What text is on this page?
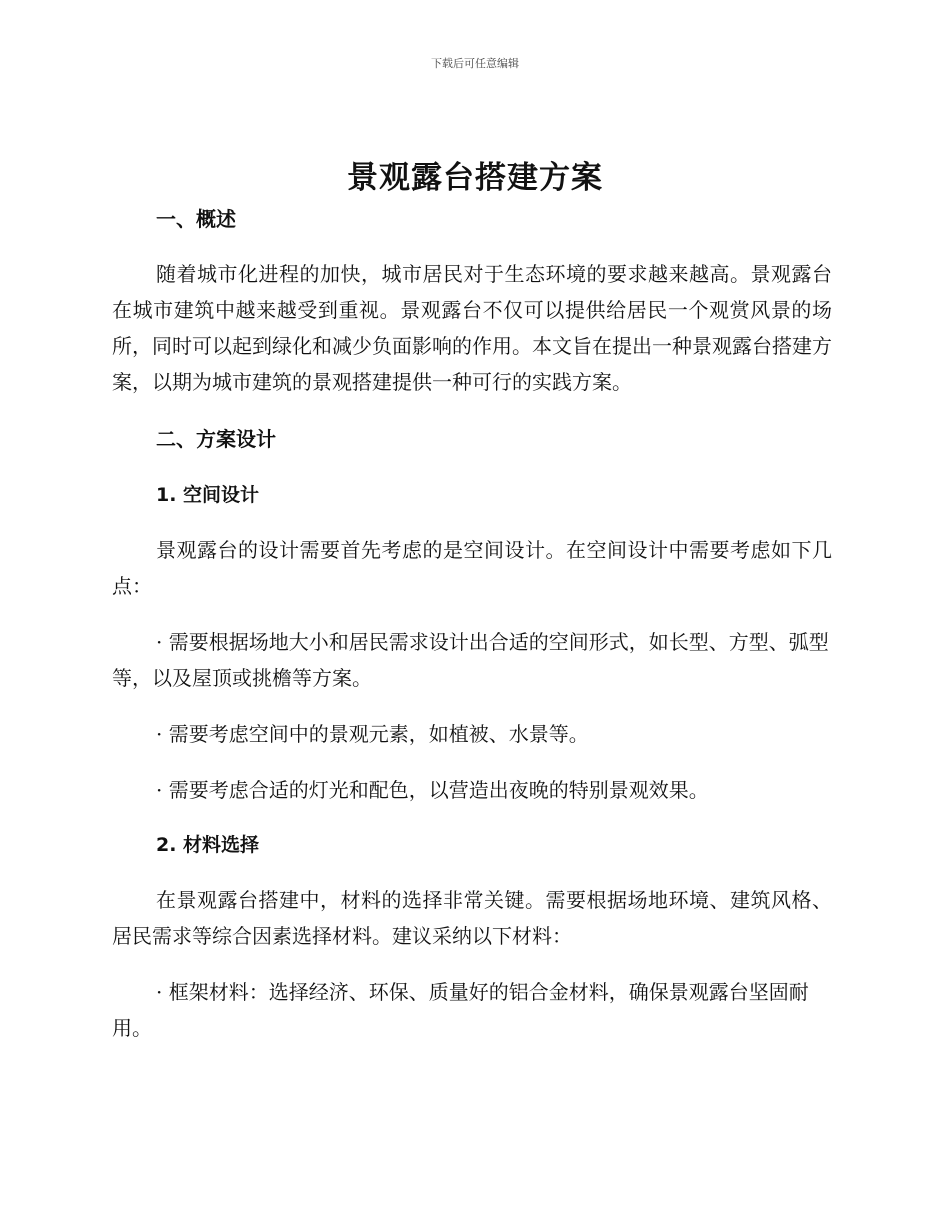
下载后可任意编辑
景观露台搭建方案
一、概述

随着城市化进程的加快，城市居民对于生态环境的要求越来越高。景观露台在城市建筑中越来越受到重视。景观露台不仅可以提供给居民一个观赏风景的场所，同时可以起到绿化和减少负面影响的作用。本文旨在提出一种景观露台搭建方案，以期为城市建筑的景观搭建提供一种可行的实践方案。

二、方案设计
1. 空间设计

景观露台的设计需要首先考虑的是空间设计。在空间设计中需要考虑如下几点：

· 需要根据场地大小和居民需求设计出合适的空间形式，如长型、方型、弧型等，以及屋顶或挑檐等方案。

· 需要考虑空间中的景观元素，如植被、水景等。

· 需要考虑合适的灯光和配色，以营造出夜晚的特别景观效果。

2. 材料选择

在景观露台搭建中，材料的选择非常关键。需要根据场地环境、建筑风格、居民需求等综合因素选择材料。建议采纳以下材料：

· 框架材料：选择经济、环保、质量好的铝合金材料，确保景观露台坚固耐用。
